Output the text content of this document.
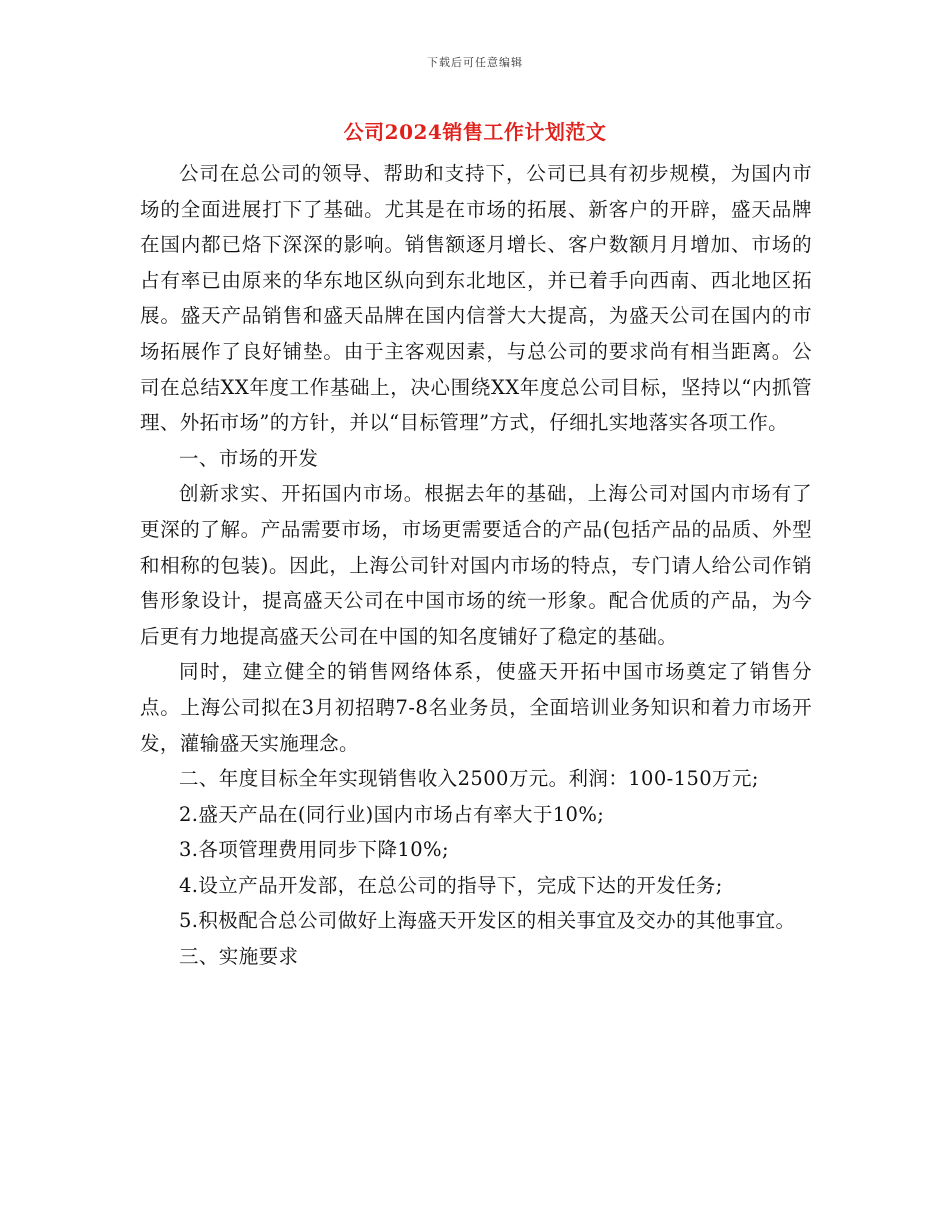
下载后可任意编辑
公司2024销售工作计划范文

公司在总公司的领导、帮助和支持下，公司已具有初步规模，为国内市场的全面进展打下了基础。尤其是在市场的拓展、新客户的开辟，盛天品牌在国内都已烙下深深的影响。销售额逐月增长、客户数额月月增加、市场的占有率已由原来的华东地区纵向到东北地区，并已着手向西南、西北地区拓展。盛天产品销售和盛天品牌在国内信誉大大提高，为盛天公司在国内的市场拓展作了良好铺垫。由于主客观因素，与总公司的要求尚有相当距离。公司在总结XX年度工作基础上，决心围绕XX年度总公司目标，坚持以“内抓管理、外拓市场”的方针，并以“目标管理”方式，仔细扎实地落实各项工作。

一、市场的开发

创新求实、开拓国内市场。根据去年的基础，上海公司对国内市场有了更深的了解。产品需要市场，市场更需要适合的产品(包括产品的品质、外型和相称的包装)。因此，上海公司针对国内市场的特点，专门请人给公司作销售形象设计，提高盛天公司在中国市场的统一形象。配合优质的产品，为今后更有力地提高盛天公司在中国的知名度铺好了稳定的基础。

同时，建立健全的销售网络体系，使盛天开拓中国市场奠定了销售分点。上海公司拟在3月初招聘7-8名业务员，全面培训业务知识和着力市场开发，灌输盛天实施理念。

二、年度目标全年实现销售收入2500万元。利润：100-150万元;

2.盛天产品在(同行业)国内市场占有率大于10%;

3.各项管理费用同步下降10%;

4.设立产品开发部，在总公司的指导下，完成下达的开发任务;

5.积极配合总公司做好上海盛天开发区的相关事宜及交办的其他事宜。

三、实施要求
